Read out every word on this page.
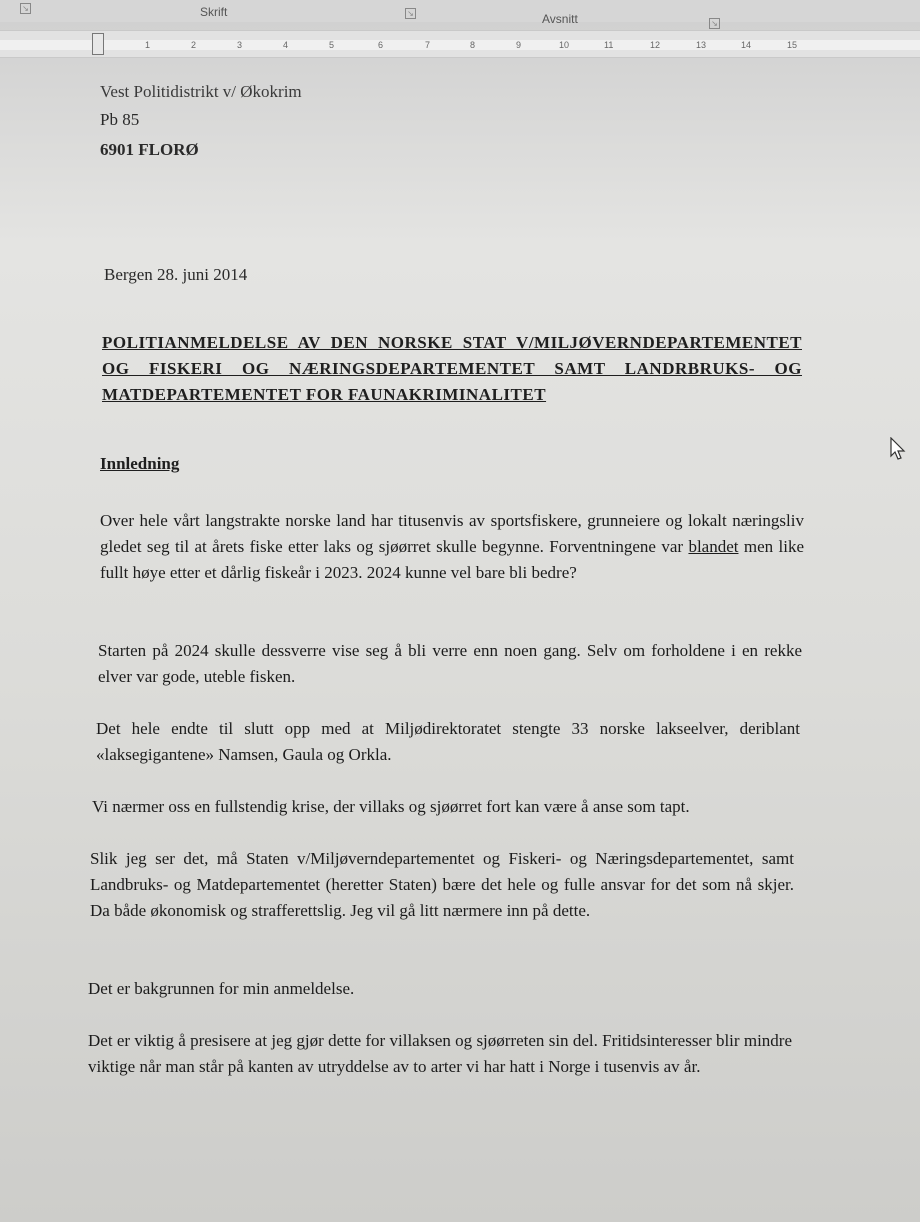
↘	Skrift	↘	Avsnitt	↘
1	2	3	4	5	6	7	8	9	10	11	12	13	14	15
Vest Politidistrikt v/ Økokrim
Pb 85
6901 FLORØ
Bergen 28. juni 2014
POLITIANMELDELSE AV DEN NORSKE STAT V/MILJØVERNDEPARTEMENTET OG FISKERI OG NÆRINGSDEPARTEMENTET SAMT LANDRBRUKS- OG MATDEPARTEMENTET FOR FAUNAKRIMINALITET
Innledning
Over hele vårt langstrakte norske land har titusenvis av sportsfiskere, grunneiere og lokalt næringsliv gledet seg til at årets fiske etter laks og sjøørret skulle begynne. Forventningene var blandet men like fullt høye etter et dårlig fiskeår i 2023. 2024 kunne vel bare bli bedre?
Starten på 2024 skulle dessverre vise seg å bli verre enn noen gang. Selv om forholdene i en rekke elver var gode, uteble fisken.
Det hele endte til slutt opp med at Miljødirektoratet stengte 33 norske lakseelver, deriblant «laksegigantene» Namsen, Gaula og Orkla.
Vi nærmer oss en fullstendig krise, der villaks og sjøørret fort kan være å anse som tapt.
Slik jeg ser det, må Staten v/Miljøverndepartementet og Fiskeri- og Næringsdepartementet, samt Landbruks- og Matdepartementet (heretter Staten) bære det hele og fulle ansvar for det som nå skjer. Da både økonomisk og strafferettslig. Jeg vil gå litt nærmere inn på dette.
Det er bakgrunnen for min anmeldelse.
Det er viktig å presisere at jeg gjør dette for villaksen og sjøørreten sin del. Fritidsinteresser blir mindre viktige når man står på kanten av utryddelse av to arter vi har hatt i Norge i tusenvis av år.
